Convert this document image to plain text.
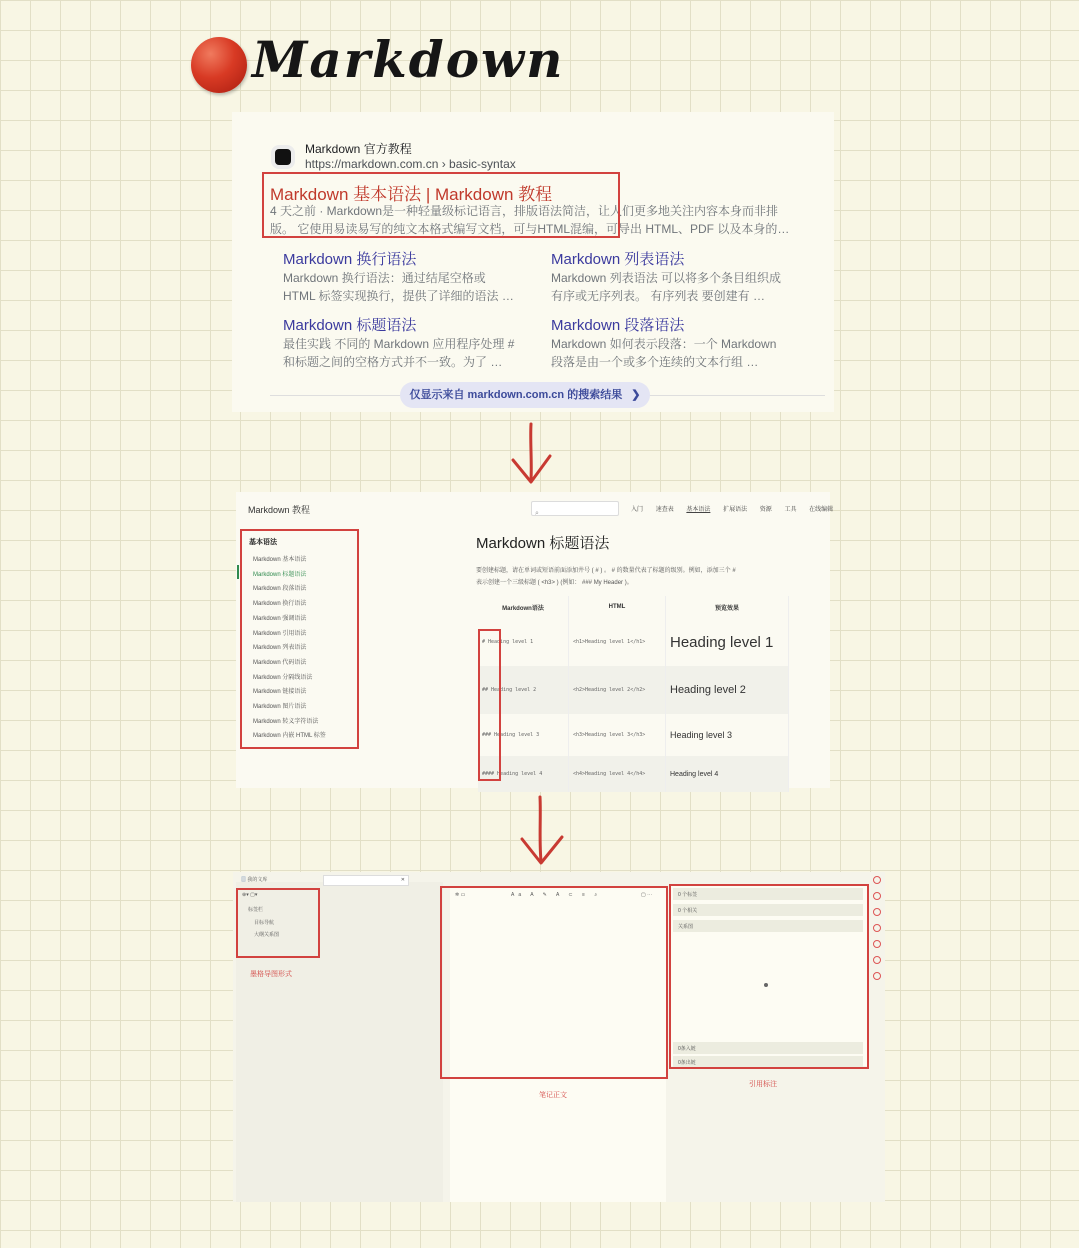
Markdown
Markdown 官方教程
https://markdown.com.cn › basic-syntax
Markdown 基本语法 | Markdown 教程
4 天之前 · Markdown是一种轻量级标记语言，排版语法简洁，让人们更多地关注内容本身而非排
版。 它使用易读易写的纯文本格式编写文档，可与HTML混编，可导出 HTML、PDF 以及本身的…
Markdown 换行语法
Markdown 换行语法：通过结尾空格或
HTML 标签实现换行，提供了详细的语法 …
Markdown 列表语法
Markdown 列表语法 可以将多个条目组织成
有序或无序列表。 有序列表 要创建有 …
Markdown 标题语法
最佳实践 不同的 Markdown 应用程序处理 #
和标题之间的空格方式并不一致。为了 …
Markdown 段落语法
Markdown 如何表示段落：一个 Markdown
段落是由一个或多个连续的文本行组 …
仅显示来自 markdown.com.cn 的搜索结果 ❯
Markdown 教程	⌕	入门 速查表 基本语法 扩展语法 资源 工具 在线编辑
基本语法
Markdown 基本语法
Markdown 标题语法
Markdown 段落语法
Markdown 换行语法
Markdown 强调语法
Markdown 引用语法
Markdown 列表语法
Markdown 代码语法
Markdown 分隔线语法
Markdown 链接语法
Markdown 图片语法
Markdown 转义字符语法
Markdown 内嵌 HTML 标签
Markdown 标题语法
要创建标题，请在单词或短语前面添加井号 ( # ) 。 # 的数量代表了标题的级别。例如，添加三个 #
表示创建一个三级标题 ( <h3> ) (例如： ### My Header )。
Markdown语法	HTML	预览效果
# Heading level 1	<h1>Heading level 1</h1>	Heading level 1
## Heading level 2	<h2>Heading level 2</h2>	Heading level 2
### Heading level 3	<h3>Heading level 3</h3>	Heading level 3
#### Heading level 4	<h4>Heading level 4</h4>	Heading level 4
▥ 我的文库	✕
⊕▾ ▢▾
标签栏
目标导航
大纲关系图
墨格导图形式
✲ ▭	Aa A ✎ A ⊂ ≡ ⌕	▢ ⋯
笔记正文
0 个标签
0 个相关
关系图
0条入链
0条出链
引用标注
